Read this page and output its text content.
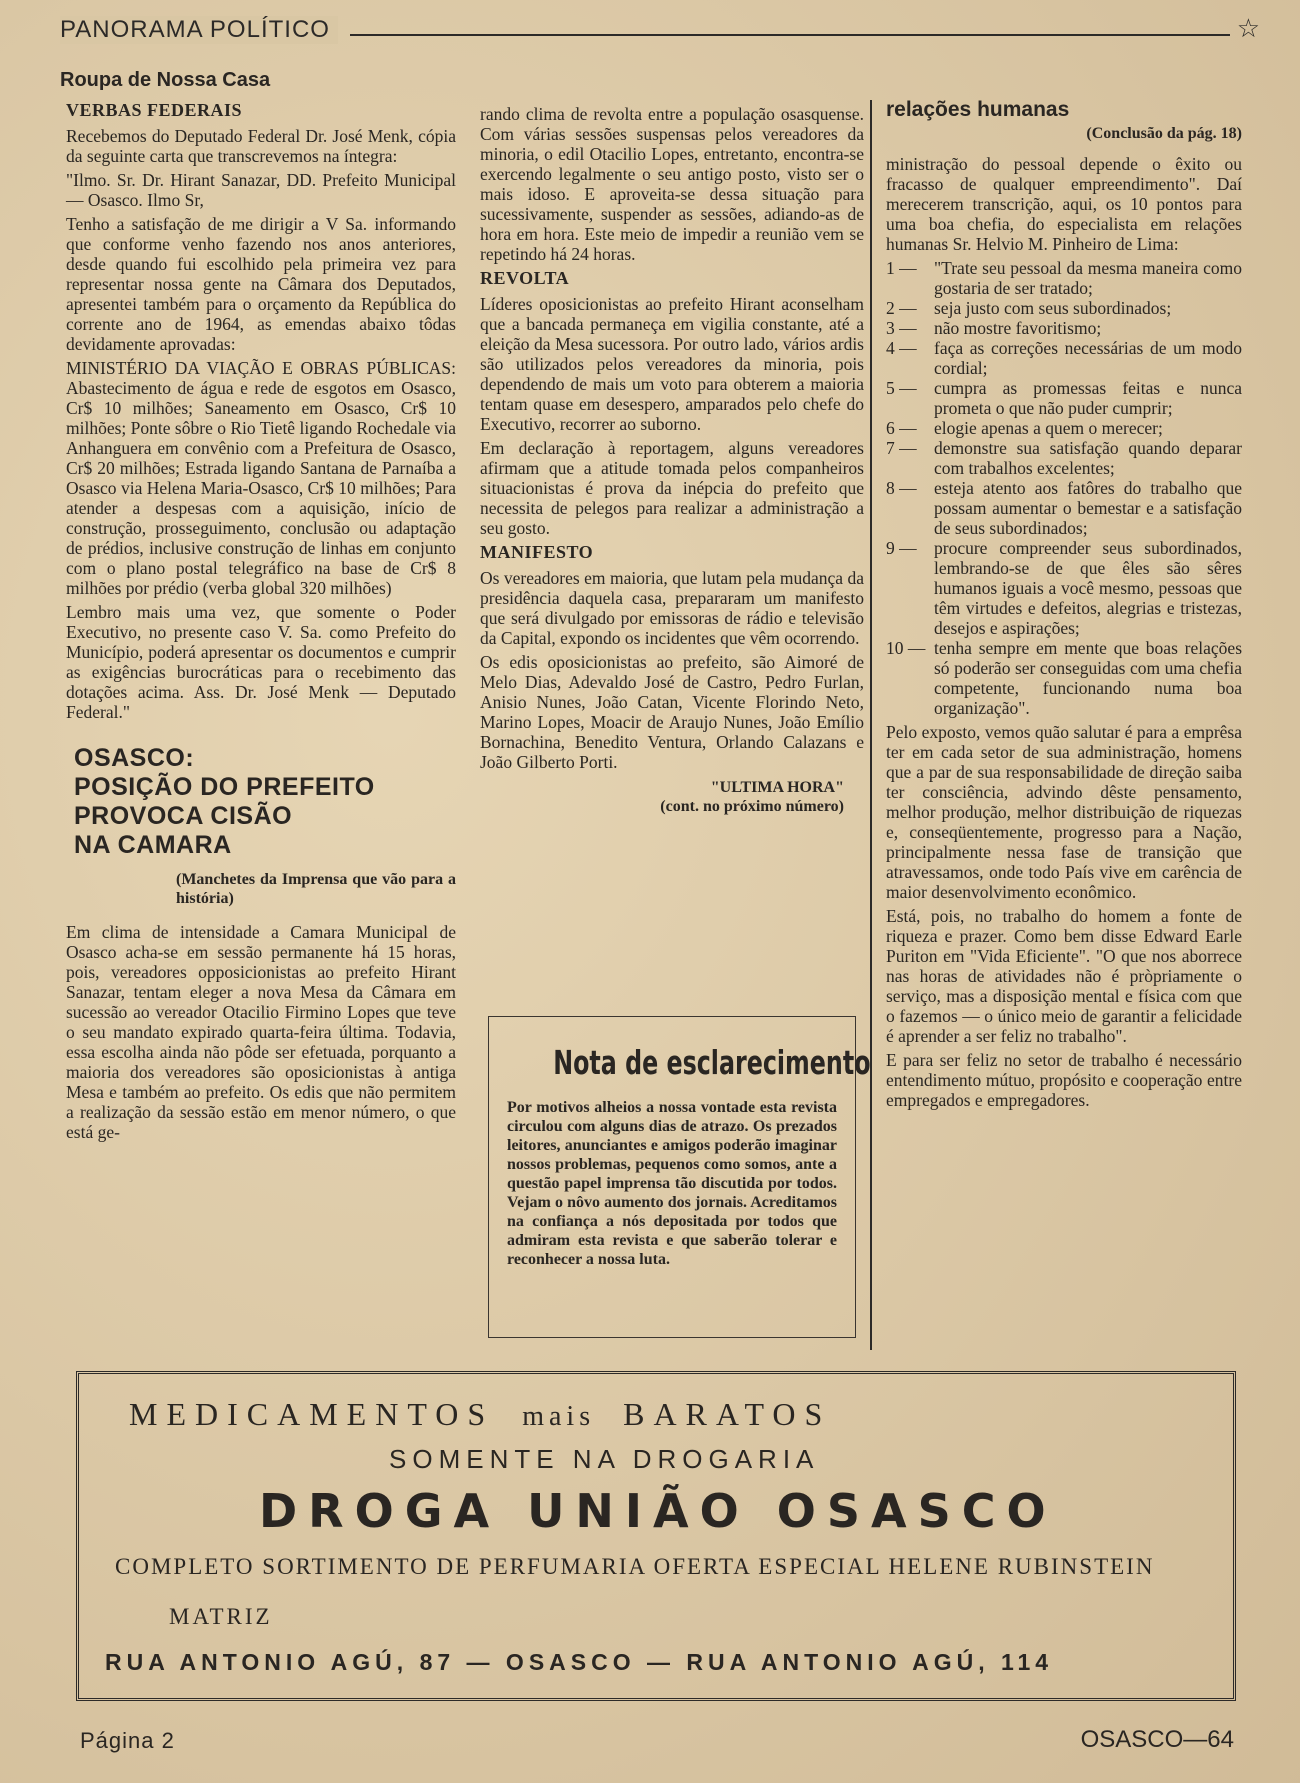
PANORAMA POLÍTICO	☆
Roupa de Nossa Casa
VERBAS FEDERAIS

Recebemos do Deputado Federal Dr. José Menk, cópia da seguinte carta que transcrevemos na íntegra:

"Ilmo. Sr. Dr. Hirant Sanazar, DD. Prefeito Municipal — Osasco. Ilmo Sr,

Tenho a satisfação de me dirigir a V Sa. informando que conforme venho fazendo nos anos anteriores, desde quando fui escolhido pela primeira vez para representar nossa gente na Câmara dos Deputados, apresentei também para o orçamento da República do corrente ano de 1964, as emendas abaixo tôdas devidamente aprovadas:

MINISTÉRIO DA VIAÇÃO E OBRAS PÚBLICAS: Abastecimento de água e rede de esgotos em Osasco, Cr$ 10 milhões; Saneamento em Osasco, Cr$ 10 milhões; Ponte sôbre o Rio Tietê ligando Rochedale via Anhanguera em convênio com a Prefeitura de Osasco, Cr$ 20 milhões; Estrada ligando Santana de Parnaíba a Osasco via Helena Maria-Osasco, Cr$ 10 milhões; Para atender a despesas com a aquisição, início de construção, prosseguimento, conclusão ou adaptação de prédios, inclusive construção de linhas em conjunto com o plano postal telegráfico na base de Cr$ 8 milhões por prédio (verba global 320 milhões)

Lembro mais uma vez, que somente o Poder Executivo, no presente caso V. Sa. como Prefeito do Município, poderá apresentar os documentos e cumprir as exigências burocráticas para o recebimento das dotações acima. Ass. Dr. José Menk — Deputado Federal."

OSASCO:
POSIÇÃO DO PREFEITO
PROVOCA CISÃO
NA CAMARA
(Manchetes da Imprensa que vão para a história)

Em clima de intensidade a Camara Municipal de Osasco acha-se em sessão permanente há 15 horas, pois, vereadores opposicionistas ao prefeito Hirant Sanazar, tentam eleger a nova Mesa da Câmara em sucessão ao vereador Otacilio Firmino Lopes que teve o seu mandato expirado quarta-feira última. Todavia, essa escolha ainda não pôde ser efetuada, porquanto a maioria dos vereadores são oposicionistas à antiga Mesa e também ao prefeito. Os edis que não permitem a realização da sessão estão em menor número, o que está ge-

rando clima de revolta entre a população osasquense. Com várias sessões suspensas pelos vereadores da minoria, o edil Otacilio Lopes, entretanto, encontra-se exercendo legalmente o seu antigo posto, visto ser o mais idoso. E aproveita-se dessa situação para sucessivamente, suspender as sessões, adiando-as de hora em hora. Este meio de impedir a reunião vem se repetindo há 24 horas.

REVOLTA

Líderes oposicionistas ao prefeito Hirant aconselham que a bancada permaneça em vigilia constante, até a eleição da Mesa sucessora. Por outro lado, vários ardis são utilizados pelos vereadores da minoria, pois dependendo de mais um voto para obterem a maioria tentam quase em desespero, amparados pelo chefe do Executivo, recorrer ao suborno.

Em declaração à reportagem, alguns vereadores afirmam que a atitude tomada pelos companheiros situacionistas é prova da inépcia do prefeito que necessita de pelegos para realizar a administração a seu gosto.

MANIFESTO

Os vereadores em maioria, que lutam pela mudança da presidência daquela casa, prepararam um manifesto que será divulgado por emissoras de rádio e televisão da Capital, expondo os incidentes que vêm ocorrendo.

Os edis oposicionistas ao prefeito, são Aimoré de Melo Dias, Adevaldo José de Castro, Pedro Furlan, Anisio Nunes, João Catan, Vicente Florindo Neto, Marino Lopes, Moacir de Araujo Nunes, João Emílio Bornachina, Benedito Ventura, Orlando Calazans e João Gilberto Porti.

"ULTIMA HORA"
(cont. no próximo número)
Nota de esclarecimento
Por motivos alheios a nossa vontade esta revista circulou com alguns dias de atrazo. Os prezados leitores, anunciantes e amigos poderão imaginar nossos problemas, pequenos como somos, ante a questão papel imprensa tão discutida por todos. Vejam o nôvo aumento dos jornais. Acreditamos na confiança a nós depositada por todos que admiram esta revista e que saberão tolerar e reconhecer a nossa luta.
relações humanas
(Conclusão da pág. 18)

ministração do pessoal depende o êxito ou fracasso de qualquer empreendimento". Daí merecerem transcrição, aqui, os 10 pontos para uma boa chefia, do especialista em relações humanas Sr. Helvio M. Pinheiro de Lima:

1 — "Trate seu pessoal da mesma maneira como gostaria de ser tratado;
2 — seja justo com seus subordinados;
3 — não mostre favoritismo;
4 — faça as correções necessárias de um modo cordial;
5 — cumpra as promessas feitas e nunca prometa o que não puder cumprir;
6 — elogie apenas a quem o merecer;
7 — demonstre sua satisfação quando deparar com trabalhos excelentes;
8 — esteja atento aos fatôres do trabalho que possam aumentar o bemestar e a satisfação de seus subordinados;
9 — procure compreender seus subordinados, lembrando-se de que êles são sêres humanos iguais a você mesmo, pessoas que têm virtudes e defeitos, alegrias e tristezas, desejos e aspirações;
10 — tenha sempre em mente que boas relações só poderão ser conseguidas com uma chefia competente, funcionando numa boa organização".

Pelo exposto, vemos quão salutar é para a emprêsa ter em cada setor de sua administração, homens que a par de sua responsabilidade de direção saiba ter consciência, advindo dêste pensamento, melhor produção, melhor distribuição de riquezas e, conseqüentemente, progresso para a Nação, principalmente nessa fase de transição que atravessamos, onde todo País vive em carência de maior desenvolvimento econômico.

Está, pois, no trabalho do homem a fonte de riqueza e prazer. Como bem disse Edward Earle Puriton em "Vida Eficiente". "O que nos aborrece nas horas de atividades não é pròpriamente o serviço, mas a disposição mental e física com que o fazemos — o único meio de garantir a felicidade é aprender a ser feliz no trabalho".

E para ser feliz no setor de trabalho é necessário entendimento mútuo, propósito e cooperação entre empregados e empregadores.

MEDICAMENTOS mais BARATOS
SOMENTE NA DROGARIA
DROGA UNIÃO OSASCO
COMPLETO SORTIMENTO DE PERFUMARIA OFERTA ESPECIAL HELENE RUBINSTEIN
MATRIZ
RUA ANTONIO AGÚ, 87 — OSASCO — RUA ANTONIO AGÚ, 114
Página 2	OSASCO—64
